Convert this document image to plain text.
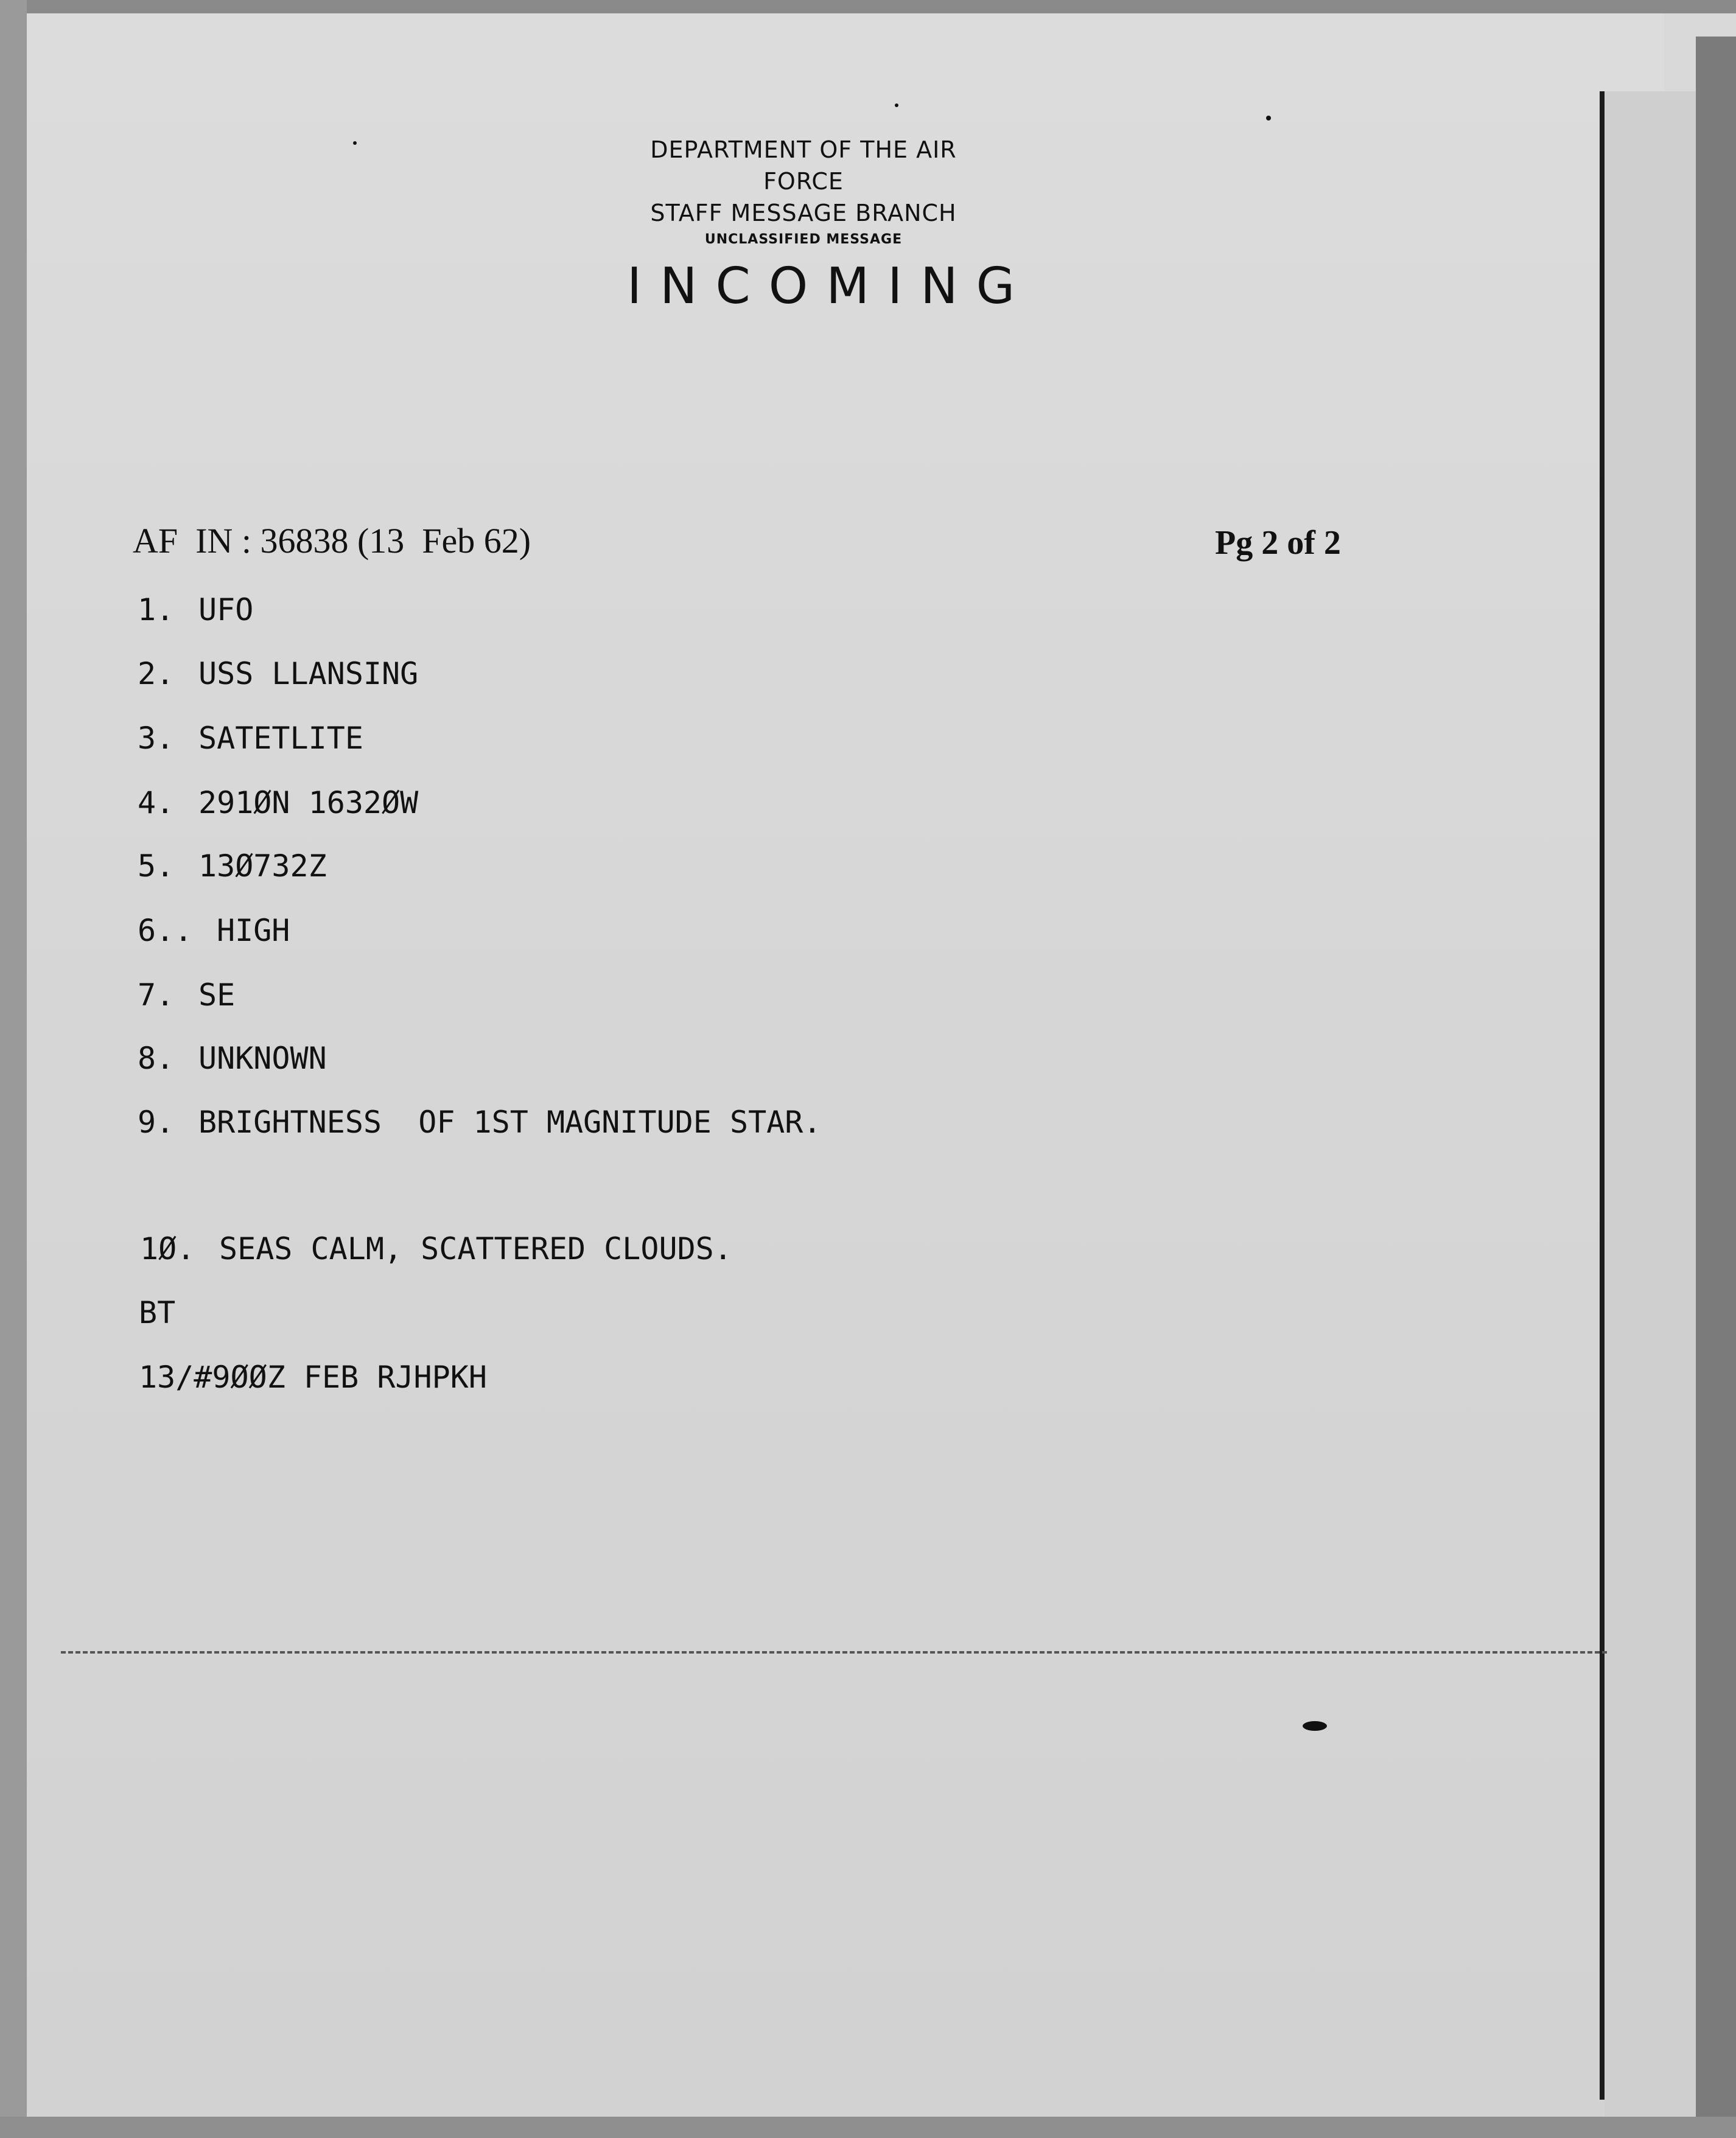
DEPARTMENT OF THE AIR FORCE
STAFF MESSAGE BRANCH
UNCLASSIFIED MESSAGE
INCOMING
AF  IN : 36838 (13  Feb 62)	Pg 2 of 2
1. UFO
2. USS LLANSING
3. SATETLITE
4. 291ØN 1632ØW
5. 13Ø732Z
6.. HIGH
7. SE
8. UNKNOWN
9. BRIGHTNESS  OF 1ST MAGNITUDE STAR.
1Ø. SEAS CALM, SCATTERED CLOUDS.
BT
13/#9ØØZ FEB RJHPKH
